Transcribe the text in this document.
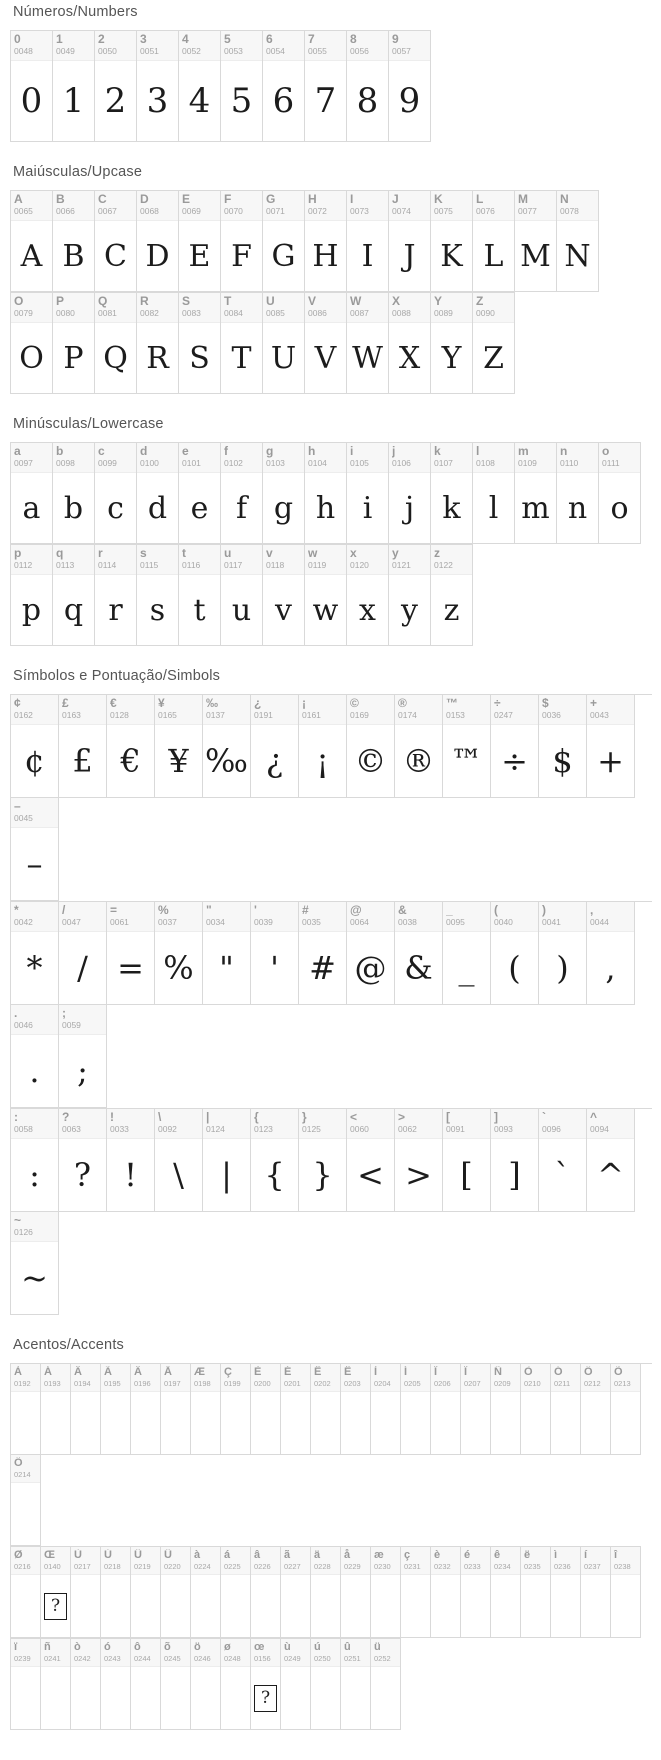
Números/Numbers
0
0048
0
1
0049
1
2
0050
2
3
0051
3
4
0052
4
5
0053
5
6
0054
6
7
0055
7
8
0056
8
9
0057
9
Maiúsculas/Upcase
A
0065
A
B
0066
B
C
0067
C
D
0068
D
E
0069
E
F
0070
F
G
0071
G
H
0072
H
I
0073
I
J
0074
J
K
0075
K
L
0076
L
M
0077
M
N
0078
N
O
0079
O
P
0080
P
Q
0081
Q
R
0082
R
S
0083
S
T
0084
T
U
0085
U
V
0086
V
W
0087
W
X
0088
X
Y
0089
Y
Z
0090
Z
Minúsculas/Lowercase
a
0097
a
b
0098
b
c
0099
c
d
0100
d
e
0101
e
f
0102
f
g
0103
g
h
0104
h
i
0105
i
j
0106
j
k
0107
k
l
0108
l
m
0109
m
n
0110
n
o
0111
o
p
0112
p
q
0113
q
r
0114
r
s
0115
s
t
0116
t
u
0117
u
v
0118
v
w
0119
w
x
0120
x
y
0121
y
z
0122
z
Símbolos e Pontuação/Simbols
¢
0162
¢
£
0163
£
€
0128
€
¥
0165
¥
‰
0137
‰
¿
0191
¿
¡
0161
¡
©
0169
©
®
0174
®
™
0153
™
÷
0247
÷
$
0036
$
+
0043
+
–
0045
–
*
0042
*
/
0047
/
=
0061
=
%
0037
%
"
0034
"
'
0039
'
#
0035
#
@
0064
@
&
0038
&
_
0095
_
(
0040
(
)
0041
)
,
0044
,
.
0046
.
;
0059
;
:
0058
:
?
0063
?
!
0033
!
\
0092
\
|
0124
|
{
0123
{
}
0125
}
<
0060
<
>
0062
>
[
0091
[
]
0093
]
`
0096
`
^
0094
^
~
0126
~
Acentos/Accents
À
0192
Á
0193
Â
0194
Ã
0195
Ä
0196
Å
0197
Æ
0198
Ç
0199
È
0200
É
0201
Ê
0202
Ë
0203
Ì
0204
Í
0205
Î
0206
Ï
0207
Ñ
0209
Ò
0210
Ó
0211
Ô
0212
Õ
0213
Ö
0214
Ø
0216
Œ
0140
?
Ù
0217
Ú
0218
Û
0219
Ü
0220
à
0224
á
0225
â
0226
ã
0227
ä
0228
å
0229
æ
0230
ç
0231
è
0232
é
0233
ê
0234
ë
0235
ì
0236
í
0237
î
0238
ï
0239
ñ
0241
ò
0242
ó
0243
ô
0244
õ
0245
ö
0246
ø
0248
œ
0156
?
ù
0249
ú
0250
û
0251
ü
0252
